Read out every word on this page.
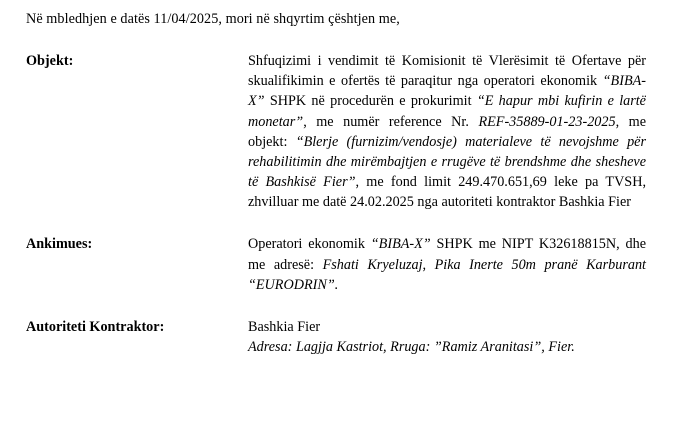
Në mbledhjen e datës 11/04/2025, mori në shqyrtim çështjen me,

Objekt:	Shfuqizimi i vendimit të Komisionit të Vlerësimit të Ofertave për skualifikimin e ofertës të paraqitur nga operatori ekonomik “BIBA-X” SHPK në procedurën e prokurimit “E hapur mbi kufirin e lartë monetar”, me numër reference Nr. REF-35889-01-23-2025, me objekt: “Blerje (furnizim/vendosje) materialeve të nevojshme për rehabilitimin dhe mirëmbajtjen e rrugëve të brendshme dhe shesheve të Bashkisë Fier”, me fond limit 249.470.651,69 leke pa TVSH, zhvilluar me datë 24.02.2025 nga autoriteti kontraktor Bashkia Fier
Ankimues:	Operatori ekonomik “BIBA-X” SHPK me NIPT K32618815N, dhe me adresë: Fshati Kryeluzaj, Pika Inerte 50m pranë Karburant “EURODRIN”.
Autoriteti Kontraktor:	Bashkia Fier
Adresa: Lagjja Kastriot, Rruga: ”Ramiz Aranitasi”, Fier.
